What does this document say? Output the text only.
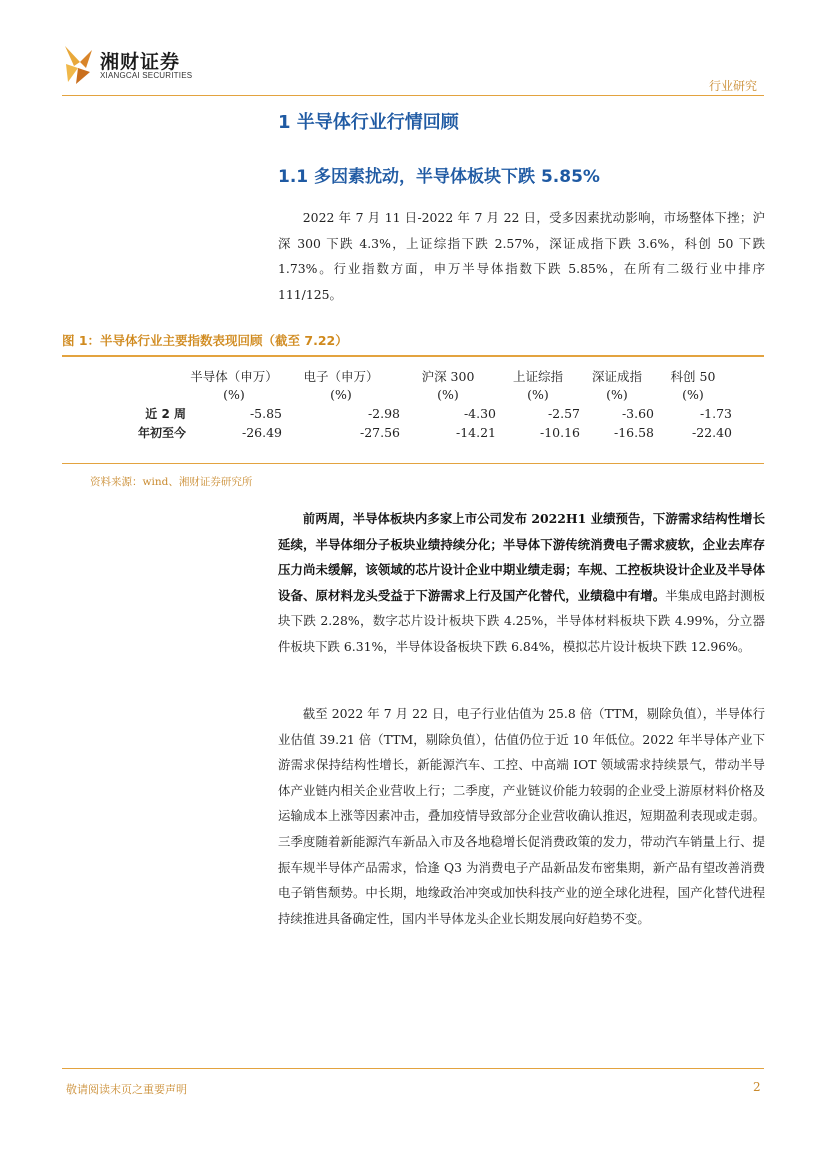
湘财证券
XIANGCAI SECURITIES
行业研究
1 半导体行业行情回顾
1.1 多因素扰动，半导体板块下跌 5.85%

2022 年 7 月 11 日-2022 年 7 月 22 日，受多因素扰动影响，市场整体下挫；沪深 300 下跌 4.3%，上证综指下跌 2.57%，深证成指下跌 3.6%，科创 50 下跌 1.73%。行业指数方面，申万半导体指数下跌 5.85%，在所有二级行业中排序 111/125。

图 1：半导体行业主要指数表现回顾（截至 7.22）
	半导体（申万）	电子（申万）	沪深 300	上证综指	深证成指	科创 50	
	(%)	(%)	(%)	(%)	(%)	(%)	
近 2 周	-5.85	-2.98	-4.30	-2.57	-3.60	-1.73	
年初至今	-26.49	-27.56	-14.21	-10.16	-16.58	-22.40	
资料来源：wind、湘财证券研究所

前两周，半导体板块内多家上市公司发布 2022H1 业绩预告，下游需求结构性增长延续，半导体细分子板块业绩持续分化；半导体下游传统消费电子需求疲软，企业去库存压力尚未缓解，该领域的芯片设计企业中期业绩走弱；车规、工控板块设计企业及半导体设备、原材料龙头受益于下游需求上行及国产化替代，业绩稳中有增。半集成电路封测板块下跌 2.28%，数字芯片设计板块下跌 4.25%，半导体材料板块下跌 4.99%，分立器件板块下跌 6.31%，半导体设备板块下跌 6.84%，模拟芯片设计板块下跌 12.96%。

截至 2022 年 7 月 22 日，电子行业估值为 25.8 倍（TTM，剔除负值），半导体行业估值 39.21 倍（TTM，剔除负值），估值仍位于近 10 年低位。2022 年半导体产业下游需求保持结构性增长，新能源汽车、工控、中高端 IOT 领域需求持续景气，带动半导体产业链内相关企业营收上行；二季度，产业链议价能力较弱的企业受上游原材料价格及运输成本上涨等因素冲击，叠加疫情导致部分企业营收确认推迟，短期盈利表现或走弱。三季度随着新能源汽车新品入市及各地稳增长促消费政策的发力，带动汽车销量上行、提振车规半导体产品需求，恰逢 Q3 为消费电子产品新品发布密集期，新产品有望改善消费电子销售颓势。中长期，地缘政治冲突或加快科技产业的逆全球化进程，国产化替代进程持续推进具备确定性，国内半导体龙头企业长期发展向好趋势不变。

敬请阅读末页之重要声明	2
